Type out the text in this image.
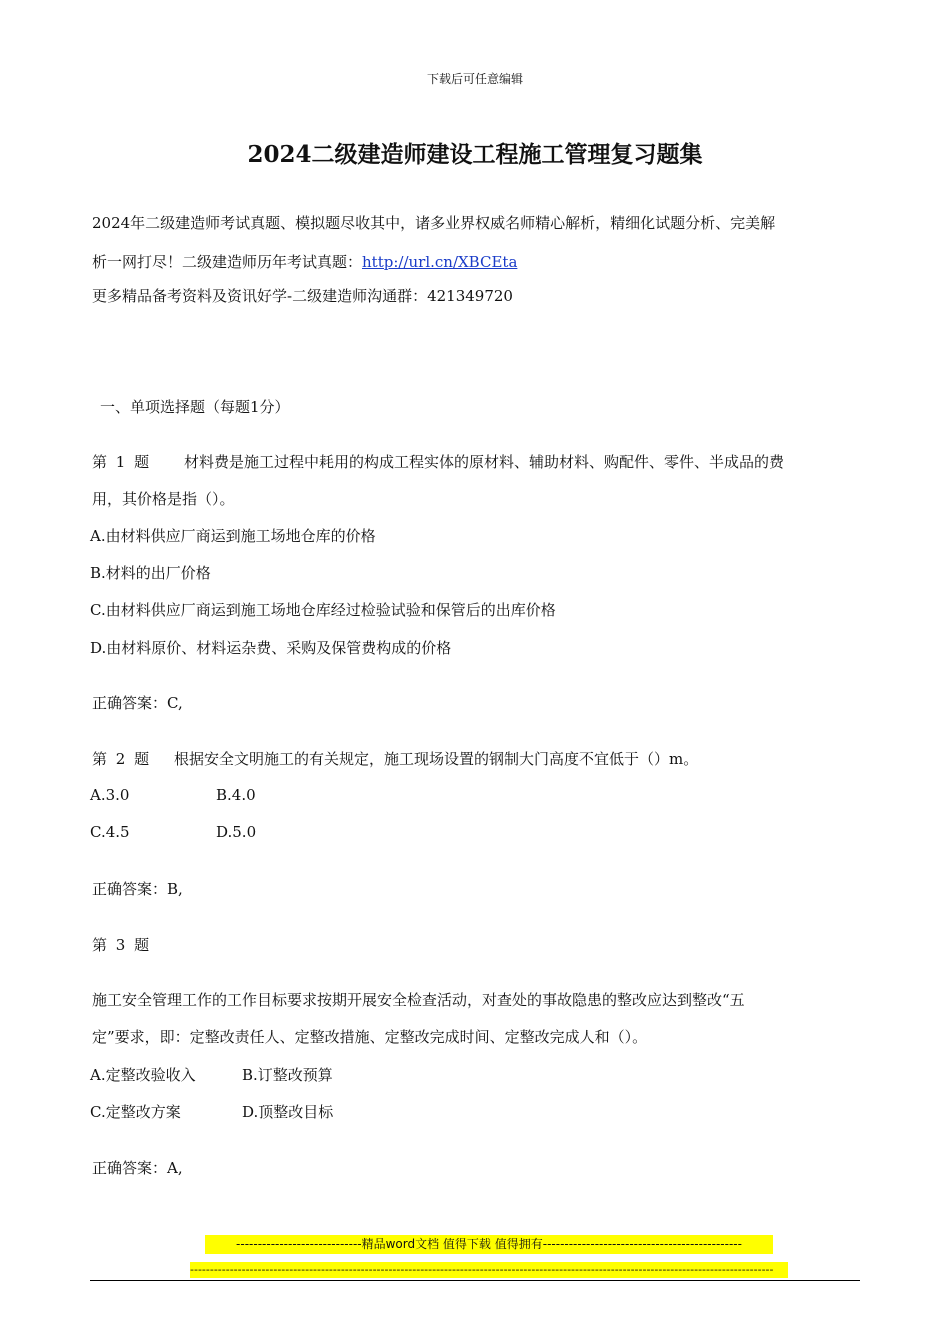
下载后可任意编辑
2024二级建造师建设工程施工管理复习题集
2024年二级建造师考试真题、模拟题尽收其中，诸多业界权威名师精心解析，精细化试题分析、完美解
析一网打尽！二级建造师历年考试真题：http://url.cn/XBCEta
更多精品备考资料及资讯好学-二级建造师沟通群：421349720
一、单项选择题（每题1分）
第 1 题 材料费是施工过程中耗用的构成工程实体的原材料、辅助材料、购配件、零件、半成品的费
用，其价格是指（）。
A.由材料供应厂商运到施工场地仓库的价格
B.材料的出厂价格
C.由材料供应厂商运到施工场地仓库经过检验试验和保管后的出库价格
D.由材料原价、材料运杂费、采购及保管费构成的价格
正确答案：C,
第 2 题 根据安全文明施工的有关规定，施工现场设置的钢制大门高度不宜低于（）m。
A.3.0	B.4.0
C.4.5	D.5.0
正确答案：B,
第 3 题
施工安全管理工作的工作目标要求按期开展安全检查活动，对查处的事故隐患的整改应达到整改“五
定”要求，即：定整改责任人、定整改措施、定整改完成时间、定整改完成人和（）。
A.定整改验收入	B.订整改预算
C.定整改方案	D.顶整改目标
正确答案：A,
-----------------------------精品word文档 值得下载 值得拥有----------------------------------------------
---------------------------------------------------------------------------------------------------------------------------------------------------
